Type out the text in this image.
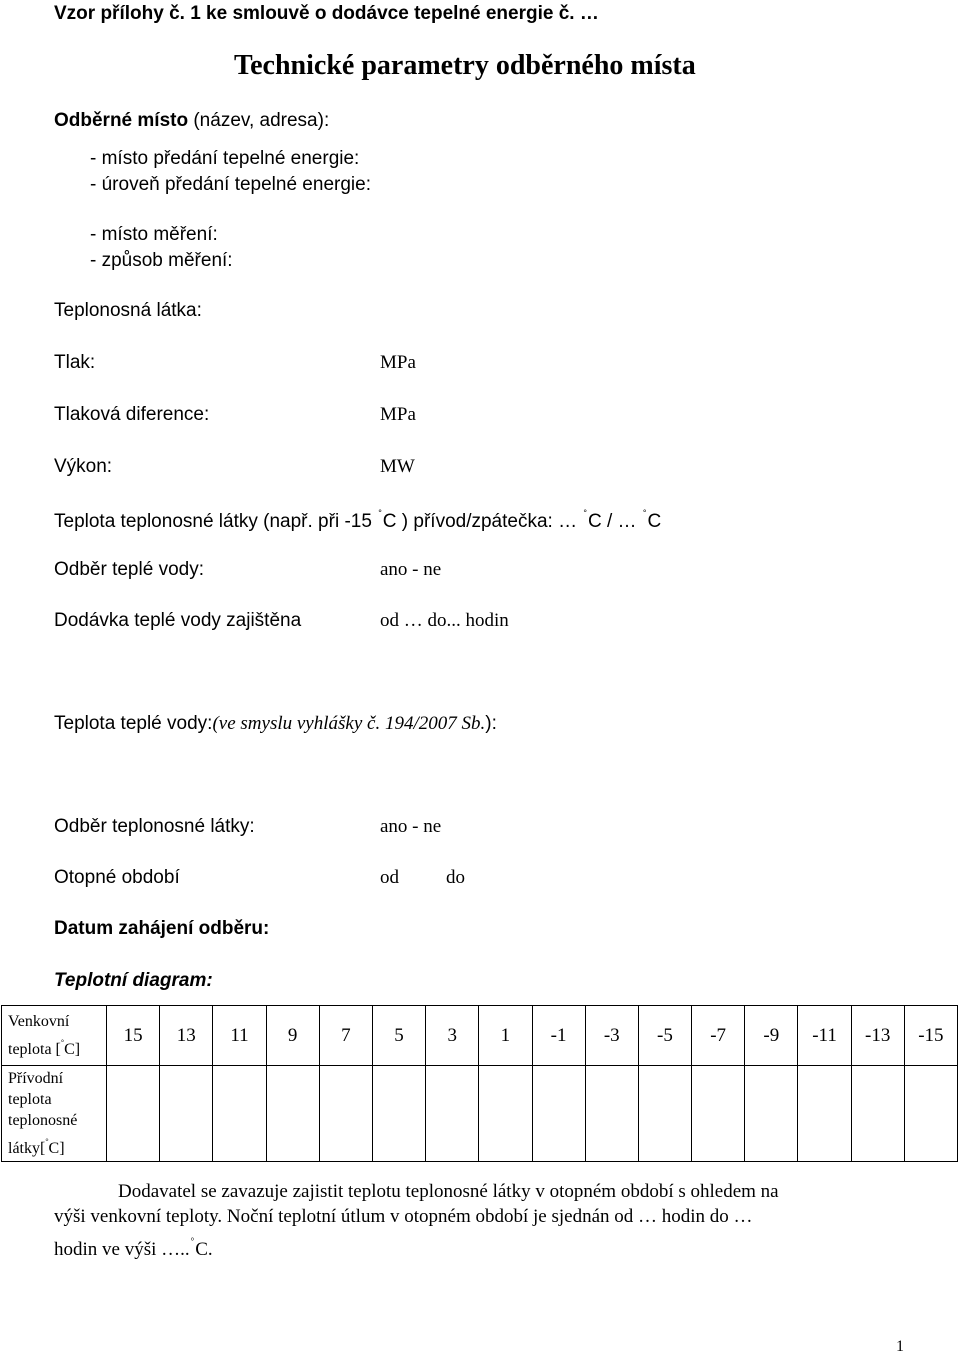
Vzor přílohy č. 1 ke smlouvě o dodávce tepelné energie č. …
Technické parametry odběrného místa
Odběrné místo (název, adresa):
- místo předání tepelné energie:
- úroveň předání tepelné energie:
- místo měření:
- způsob měření:
Teplonosná látka:
Tlak:	MPa
Tlaková diference:	MPa
Výkon:	MW
Teplota teplonosné látky (např. při -15 °C ) přívod/zpátečka: … °C / … °C
Odběr teplé vody:	ano - ne
Dodávka teplé vody zajištěna	od … do... hodin
Teplota teplé vody:(ve smyslu vyhlášky č. 194/2007 Sb.):
Odběr teplonosné látky:	ano - ne
Otopné období	od do
Datum zahájení odběru:
Teplotní diagram:
Venkovní
teplota [°C]	15	13	11	9	7	5	3	1	-1	-3	-5	-7	-9	-11	-13	-15

Přívodní
teplota
teplonosné
látky[°C]																

Dodavatel se zavazuje zajistit teplotu teplonosné látky v otopném období s ohledem na
výši venkovní teploty. Noční teplotní útlum v otopném období je sjednán od … hodin do …
hodin ve výši …..°C.
1
